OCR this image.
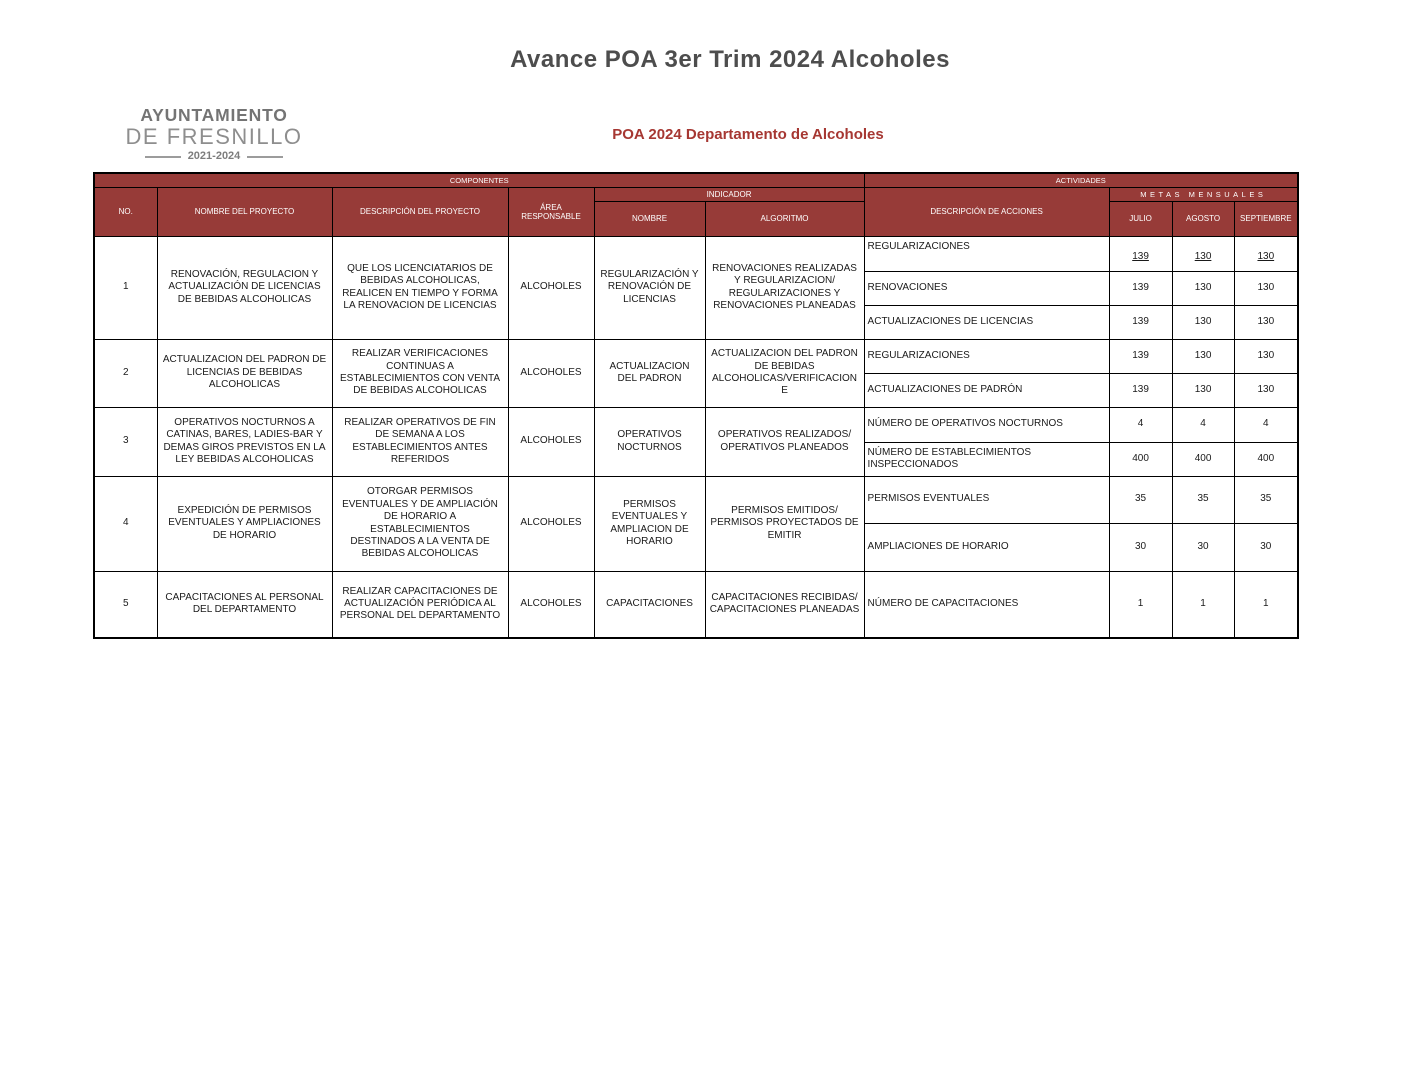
Avance POA 3er Trim 2024 Alcoholes
AYUNTAMIENTO
DE FRESNILLO
2021-2024
POA 2024 Departamento de Alcoholes
COMPONENTES						ACTIVIDADES			
NO.	NOMBRE DEL PROYECTO	DESCRIPCIÓN DEL PROYECTO	ÁREA RESPONSABLE	INDICADOR		DESCRIPCIÓN DE ACCIONES	METAS MENSUALES		
				NOMBRE	ALGORITMO		JULIO	AGOSTO	SEPTIEMBRE
1	RENOVACIÓN, REGULACION Y ACTUALIZACIÓN DE LICENCIAS DE BEBIDAS ALCOHOLICAS	QUE LOS LICENCIATARIOS DE BEBIDAS ALCOHOLICAS, REALICEN EN TIEMPO Y FORMA LA RENOVACION DE LICENCIAS	ALCOHOLES	REGULARIZACIÓN Y RENOVACIÓN DE LICENCIAS	RENOVACIONES REALIZADAS Y REGULARIZACION/ REGULARIZACIONES Y RENOVACIONES PLANEADAS	REGULARIZACIONES	139	130	130
						RENOVACIONES	139	130	130
						ACTUALIZACIONES DE LICENCIAS	139	130	130
2	ACTUALIZACION DEL PADRON DE LICENCIAS DE BEBIDAS ALCOHOLICAS	REALIZAR VERIFICACIONES CONTINUAS A ESTABLECIMIENTOS CON VENTA DE BEBIDAS ALCOHOLICAS	ALCOHOLES	ACTUALIZACION DEL PADRON	ACTUALIZACION DEL PADRON DE BEBIDAS ALCOHOLICAS/VERIFICACION E	REGULARIZACIONES	139	130	130
						ACTUALIZACIONES DE PADRÓN	139	130	130
3	OPERATIVOS NOCTURNOS A CATINAS, BARES, LADIES-BAR Y DEMAS GIROS PREVISTOS EN LA LEY BEBIDAS ALCOHOLICAS	REALIZAR OPERATIVOS DE FIN DE SEMANA A LOS ESTABLECIMIENTOS ANTES REFERIDOS	ALCOHOLES	OPERATIVOS NOCTURNOS	OPERATIVOS REALIZADOS/ OPERATIVOS PLANEADOS	NÚMERO DE OPERATIVOS NOCTURNOS	4	4	4
						NÚMERO DE ESTABLECIMIENTOS INSPECCIONADOS	400	400	400
4	EXPEDICIÓN DE PERMISOS EVENTUALES Y AMPLIACIONES DE HORARIO	OTORGAR PERMISOS EVENTUALES Y DE AMPLIACIÓN DE HORARIO A ESTABLECIMIENTOS DESTINADOS A LA VENTA DE BEBIDAS ALCOHOLICAS	ALCOHOLES	PERMISOS EVENTUALES Y AMPLIACION DE HORARIO	PERMISOS EMITIDOS/ PERMISOS PROYECTADOS DE EMITIR	PERMISOS EVENTUALES	35	35	35
						AMPLIACIONES DE HORARIO	30	30	30
5	CAPACITACIONES AL PERSONAL DEL DEPARTAMENTO	REALIZAR CAPACITACIONES DE ACTUALIZACIÓN PERIÓDICA AL PERSONAL DEL DEPARTAMENTO	ALCOHOLES	CAPACITACIONES	CAPACITACIONES RECIBIDAS/ CAPACITACIONES PLANEADAS	NÚMERO DE CAPACITACIONES	1	1	1
